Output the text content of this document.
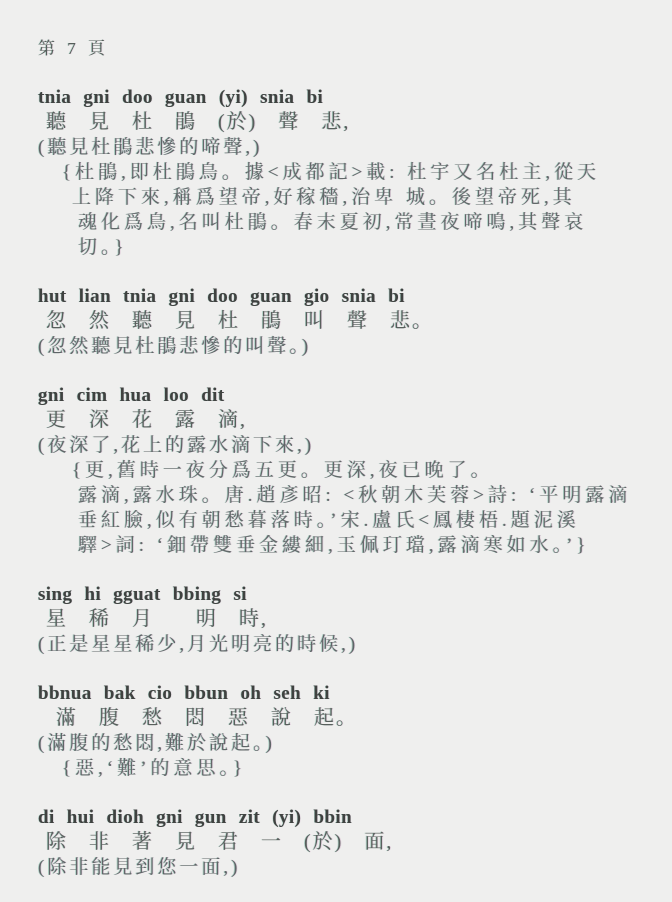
第 7 頁
tnia gni doo guan (yi) snia bi
聽 見 杜 鵑 (於) 聲 悲,
(聽見杜鵑悲慘的啼聲,)
{杜鵑,即杜鵑鳥。據<成都記>載: 杜宇又名杜主,從天
上降下來,稱爲望帝,好稼穡,治卑 城。後望帝死,其
魂化爲鳥,名叫杜鵑。春末夏初,常晝夜啼鳴,其聲哀
切。}
hut lian tnia gni doo guan gio snia bi
忽 然 聽 見 杜 鵑 叫 聲 悲。
(忽然聽見杜鵑悲慘的叫聲。)
gni cim hua loo dit
更 深 花 露 滴,
(夜深了,花上的露水滴下來,)
{更,舊時一夜分爲五更。更深,夜已晚了。
露滴,露水珠。唐.趙彥昭: <秋朝木芙蓉>詩: ‘平明露滴
垂紅臉,似有朝愁暮落時。’宋.盧氏<鳳棲梧.題泥溪
驛>詞: ‘鈿帶雙垂金縷細,玉佩玎璫,露滴寒如水。’}
sing hi gguat bbing si
星 稀 月  明 時,
(正是星星稀少,月光明亮的時候,)
bbnua bak cio bbun oh seh ki
滿 腹 愁 悶 惡 說 起。
(滿腹的愁悶,難於說起。)
{惡,‘難’的意思。}
di hui dioh gni gun zit (yi) bbin
除 非 著 見 君 一 (於) 面,
(除非能見到您一面,)
